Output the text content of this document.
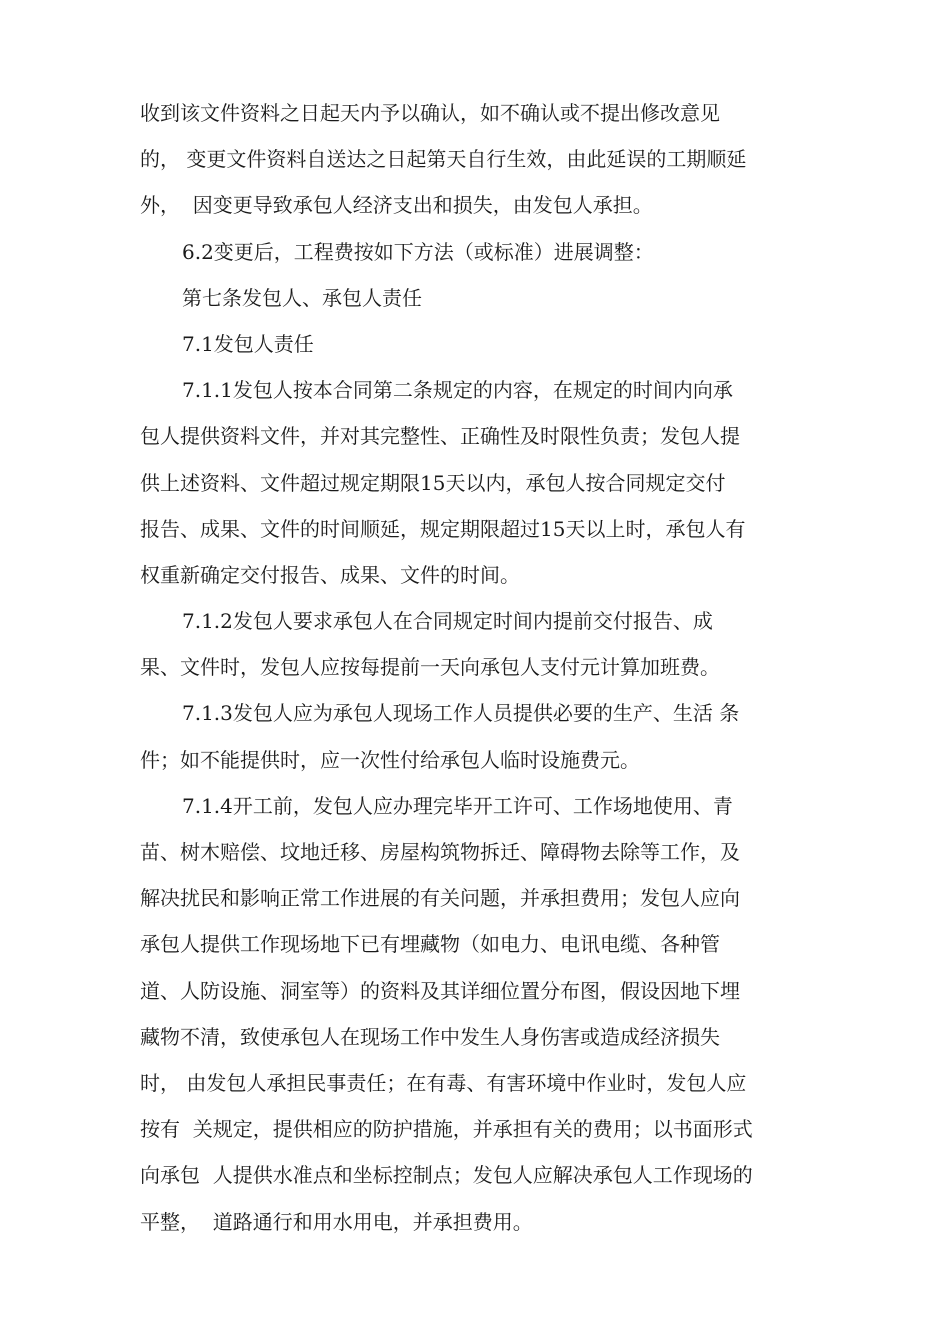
收到该文件资料之日起天内予以确认，如不确认或不提出修改意见
的， 变更文件资料自送达之日起第天自行生效，由此延误的工期顺延
外，  因变更导致承包人经济支出和损失，由发包人承担。
6.2变更后，工程费按如下方法（或标准）进展调整：
第七条发包人、承包人责任
7.1发包人责任
7.1.1发包人按本合同第二条规定的内容，在规定的时间内向承
包人提供资料文件，并对其完整性、正确性及时限性负责；发包人提
供上述资料、文件超过规定期限15天以内，承包人按合同规定交付
报告、成果、文件的时间顺延，规定期限超过15天以上时，承包人有
权重新确定交付报告、成果、文件的时间。
7.1.2发包人要求承包人在合同规定时间内提前交付报告、成
果、文件时，发包人应按每提前一天向承包人支付元计算加班费。
7.1.3发包人应为承包人现场工作人员提供必要的生产、生活 条
件；如不能提供时，应一次性付给承包人临时设施费元。
7.1.4开工前，发包人应办理完毕开工许可、工作场地使用、青
苗、树木赔偿、坟地迁移、房屋构筑物拆迁、障碍物去除等工作，及
解决扰民和影响正常工作进展的有关问题，并承担费用；发包人应向
承包人提供工作现场地下已有埋藏物（如电力、电讯电缆、各种管
道、人防设施、洞室等）的资料及其详细位置分布图，假设因地下埋
藏物不清，致使承包人在现场工作中发生人身伤害或造成经济损失
时， 由发包人承担民事责任；在有毒、有害环境中作业时，发包人应
按有  关规定，提供相应的防护措施，并承担有关的费用；以书面形式
向承包  人提供水准点和坐标控制点；发包人应解决承包人工作现场的
平整，  道路通行和用水用电，并承担费用。
